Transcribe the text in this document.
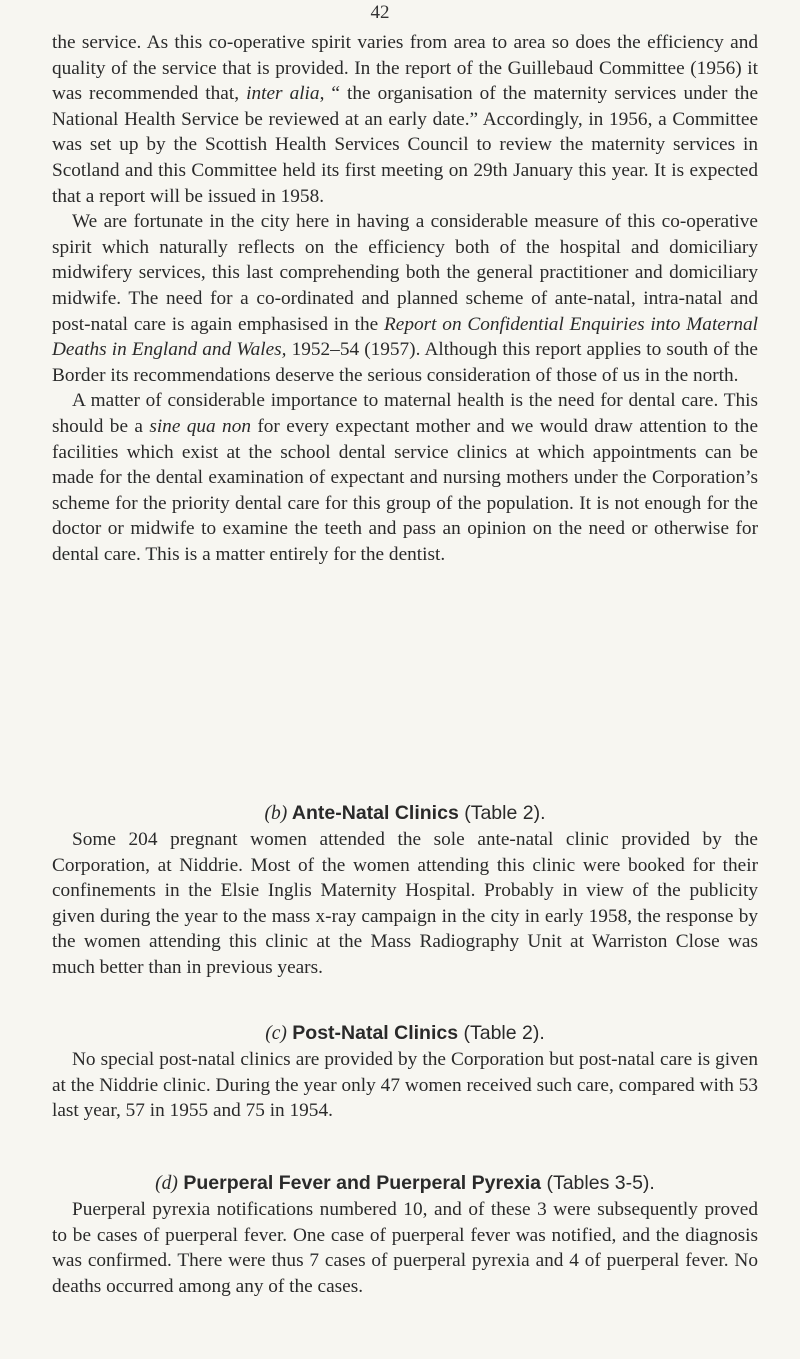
42

the service. As this co-operative spirit varies from area to area so does the efficiency and quality of the service that is provided. In the report of the Guillebaud Committee (1956) it was recommended that, inter alia, “ the organisation of the maternity services under the National Health Service be reviewed at an early date.” Accordingly, in 1956, a Committee was set up by the Scottish Health Services Council to review the maternity services in Scotland and this Committee held its first meeting on 29th January this year. It is expected that a report will be issued in 1958.

We are fortunate in the city here in having a considerable measure of this co-operative spirit which naturally reflects on the efficiency both of the hospital and domiciliary midwifery services, this last comprehending both the general practitioner and domiciliary midwife. The need for a co-ordinated and planned scheme of ante-natal, intra-natal and post-natal care is again emphasised in the Report on Confidential Enquiries into Maternal Deaths in England and Wales, 1952–54 (1957). Although this report applies to south of the Border its recommendations deserve the serious consideration of those of us in the north.

A matter of considerable importance to maternal health is the need for dental care. This should be a sine qua non for every expectant mother and we would draw attention to the facilities which exist at the school dental service clinics at which appointments can be made for the dental examination of expectant and nursing mothers under the Corporation’s scheme for the priority dental care for this group of the population. It is not enough for the doctor or midwife to examine the teeth and pass an opinion on the need or otherwise for dental care. This is a matter entirely for the dentist.

(b) Ante-Natal Clinics (Table 2).

Some 204 pregnant women attended the sole ante-natal clinic provided by the Corporation, at Niddrie. Most of the women attending this clinic were booked for their confinements in the Elsie Inglis Maternity Hospital. Probably in view of the publicity given during the year to the mass x-ray campaign in the city in early 1958, the response by the women attending this clinic at the Mass Radiography Unit at Warriston Close was much better than in previous years.

(c) Post-Natal Clinics (Table 2).

No special post-natal clinics are provided by the Corporation but post-natal care is given at the Niddrie clinic. During the year only 47 women received such care, compared with 53 last year, 57 in 1955 and 75 in 1954.

(d) Puerperal Fever and Puerperal Pyrexia (Tables 3-5).

Puerperal pyrexia notifications numbered 10, and of these 3 were subsequently proved to be cases of puerperal fever. One case of puerperal fever was notified, and the diagnosis was confirmed. There were thus 7 cases of puerperal pyrexia and 4 of puerperal fever. No deaths occurred among any of the cases.
